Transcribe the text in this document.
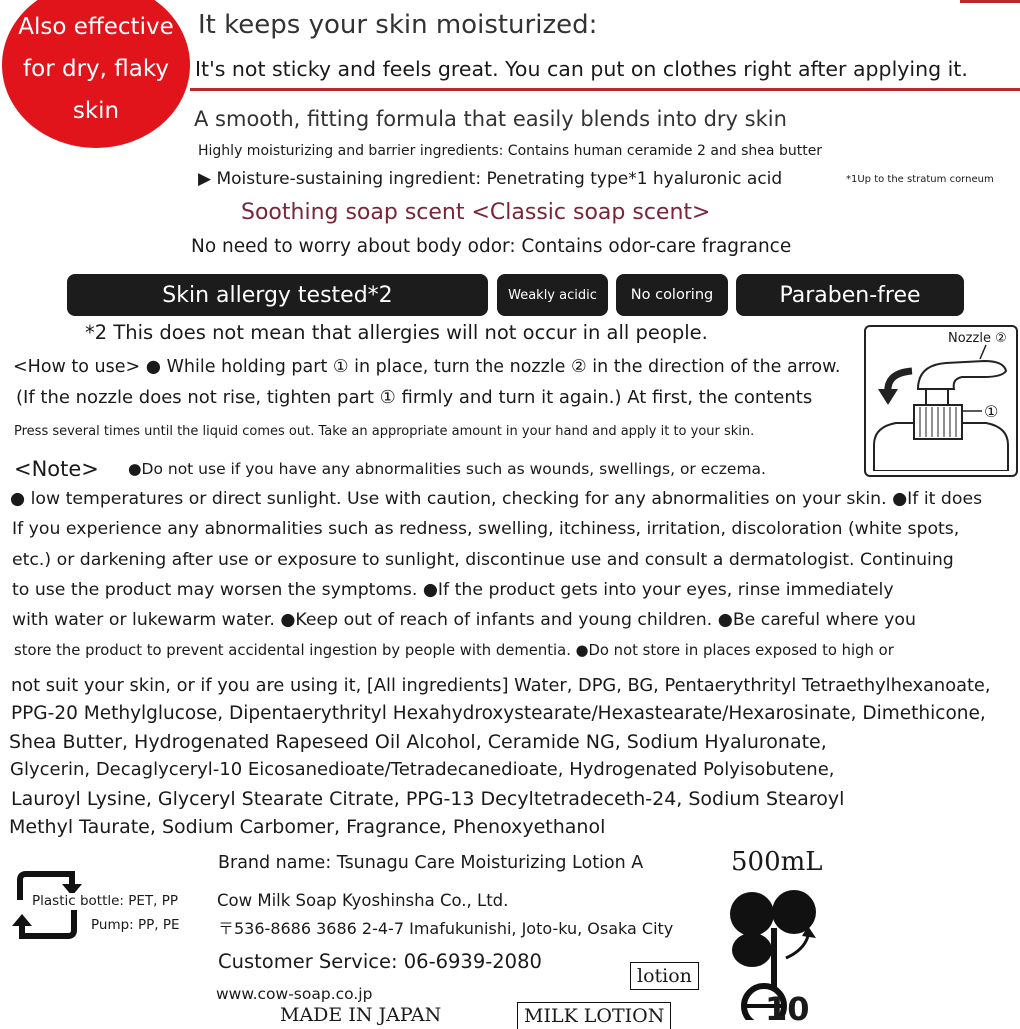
Also effective
for dry, flaky
skin
It keeps your skin moisturized:
It's not sticky and feels great. You can put on clothes right after applying it.
A smooth, fitting formula that easily blends into dry skin
Highly moisturizing and barrier ingredients: Contains human ceramide 2 and shea butter
▶ Moisture-sustaining ingredient: Penetrating type*1 hyaluronic acid	*1Up to the stratum corneum
Soothing soap scent <Classic soap scent>
No need to worry about body odor: Contains odor-care fragrance
Skin allergy tested*2	Weakly acidic	No coloring	Paraben-free
*2 This does not mean that allergies will not occur in all people.
<How to use> ● While holding part ① in place, turn the nozzle ② in the direction of the arrow.
(If the nozzle does not rise, tighten part ① firmly and turn it again.) At first, the contents
Press several times until the liquid comes out. Take an appropriate amount in your hand and apply it to your skin.
Nozzle ②
①
<Note> ●Do not use if you have any abnormalities such as wounds, swellings, or eczema.
● low temperatures or direct sunlight. Use with caution, checking for any abnormalities on your skin. ●If it does
If you experience any abnormalities such as redness, swelling, itchiness, irritation, discoloration (white spots,
etc.) or darkening after use or exposure to sunlight, discontinue use and consult a dermatologist. Continuing
to use the product may worsen the symptoms. ●If the product gets into your eyes, rinse immediately
with water or lukewarm water. ●Keep out of reach of infants and young children. ●Be careful where you
store the product to prevent accidental ingestion by people with dementia. ●Do not store in places exposed to high or
not suit your skin, or if you are using it, [All ingredients] Water, DPG, BG, Pentaerythrityl Tetraethylhexanoate,
PPG-20 Methylglucose, Dipentaerythrityl Hexahydroxystearate/Hexastearate/Hexarosinate, Dimethicone,
Shea Butter, Hydrogenated Rapeseed Oil Alcohol, Ceramide NG, Sodium Hyaluronate,
Glycerin, Decaglyceryl-10 Eicosanedioate/Tetradecanedioate, Hydrogenated Polyisobutene,
Lauroyl Lysine, Glyceryl Stearate Citrate, PPG-13 Decyltetradeceth-24, Sodium Stearoyl
Methyl Taurate, Sodium Carbomer, Fragrance, Phenoxyethanol
Plastic bottle: PET, PP
Pump: PP, PE
Brand name: Tsunagu Care Moisturizing Lotion A
Cow Milk Soap Kyoshinsha Co., Ltd.
〒536-8686 3686 2-4-7 Imafukunishi, Joto-ku, Osaka City
Customer Service: 06-6939-2080
www.cow-soap.co.jp
MADE IN JAPAN
500mL
lotion
MILK LOTION	10
